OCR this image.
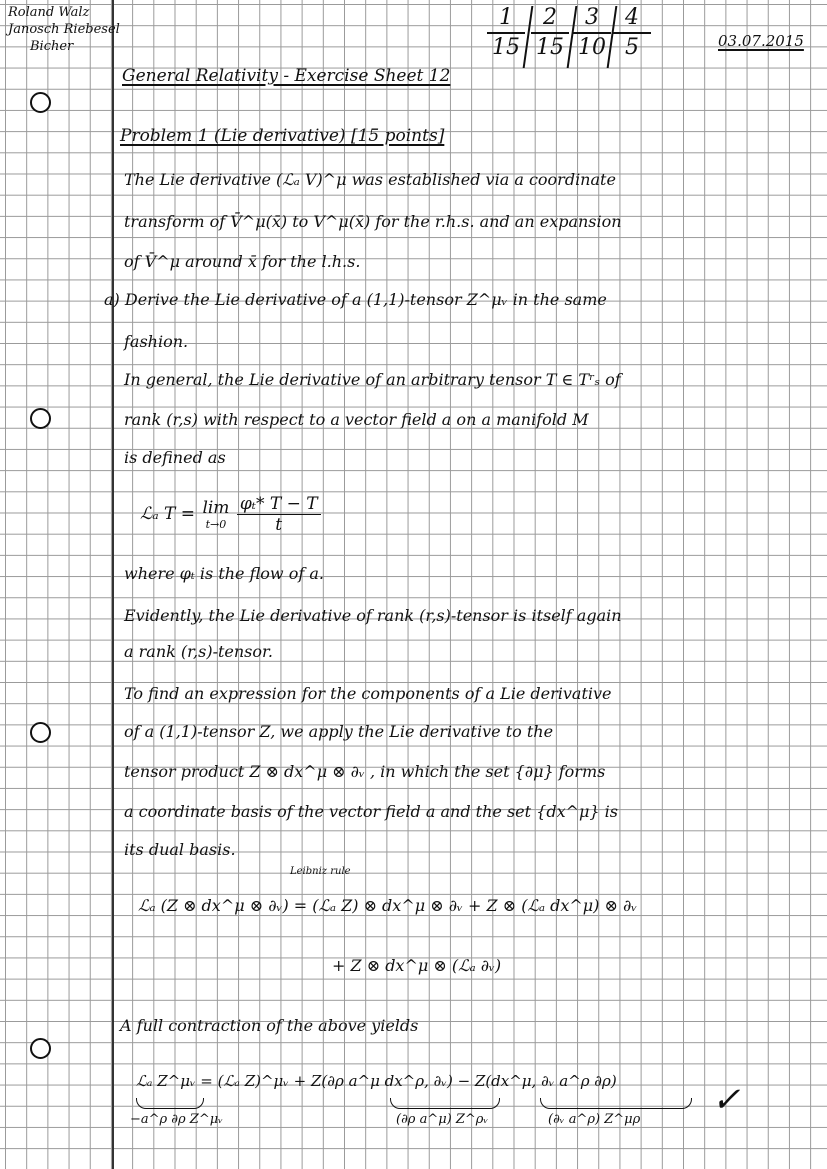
Roland Walz
Janosch Riebesel
Bicher	$\frac{1}{15} \frac{2}{15} \frac{3}{10} \frac{4}{5}$	03.07.2015
General Relativity - Exercise Sheet 12
Problem 1 (Lie derivative) [15 points]
The Lie derivative (ℒₐ V)^μ was established via a coordinate
transform of V̄^μ(x̄) to V^μ(x̄) for the r.h.s. and an expansion
of V̄^μ around x̄ for the l.h.s.
a) Derive the Lie derivative of a (1,1)-tensor Z^μᵥ in the same
fashion.
In general, the Lie derivative of an arbitrary tensor T ∈ Tʳₛ of
rank (r,s) with respect to a vector field a on a manifold M
is defined as
ℒₐ T = lim
t→0
$\frac{\text{φₜ* T − T}}{t}$
where φₜ is the flow of a.
Evidently, the Lie derivative of rank (r,s)-tensor is itself again
a rank (r,s)-tensor.
To find an expression for the components of a Lie derivative
of a (1,1)-tensor Z, we apply the Lie derivative to the
tensor product Z ⊗ dx^μ ⊗ ∂ᵥ , in which the set {∂μ} forms
a coordinate basis of the vector field a and the set {dx^μ} is
its dual basis.
Leibniz rule
ℒₐ (Z ⊗ dx^μ ⊗ ∂ᵥ) = (ℒₐ Z) ⊗ dx^μ ⊗ ∂ᵥ + Z ⊗ (ℒₐ dx^μ) ⊗ ∂ᵥ
+ Z ⊗ dx^μ ⊗ (ℒₐ ∂ᵥ)
A full contraction of the above yields
ℒₐ Z^μᵥ = (ℒₐ Z)^μᵥ + Z(∂ρ a^μ dx^ρ, ∂ᵥ) − Z(dx^μ, ∂ᵥ a^ρ ∂ρ)
−a^ρ ∂ρ Z^μᵥ	(∂ρ a^μ) Z^ρᵥ	(∂ᵥ a^ρ) Z^μρ ✓
